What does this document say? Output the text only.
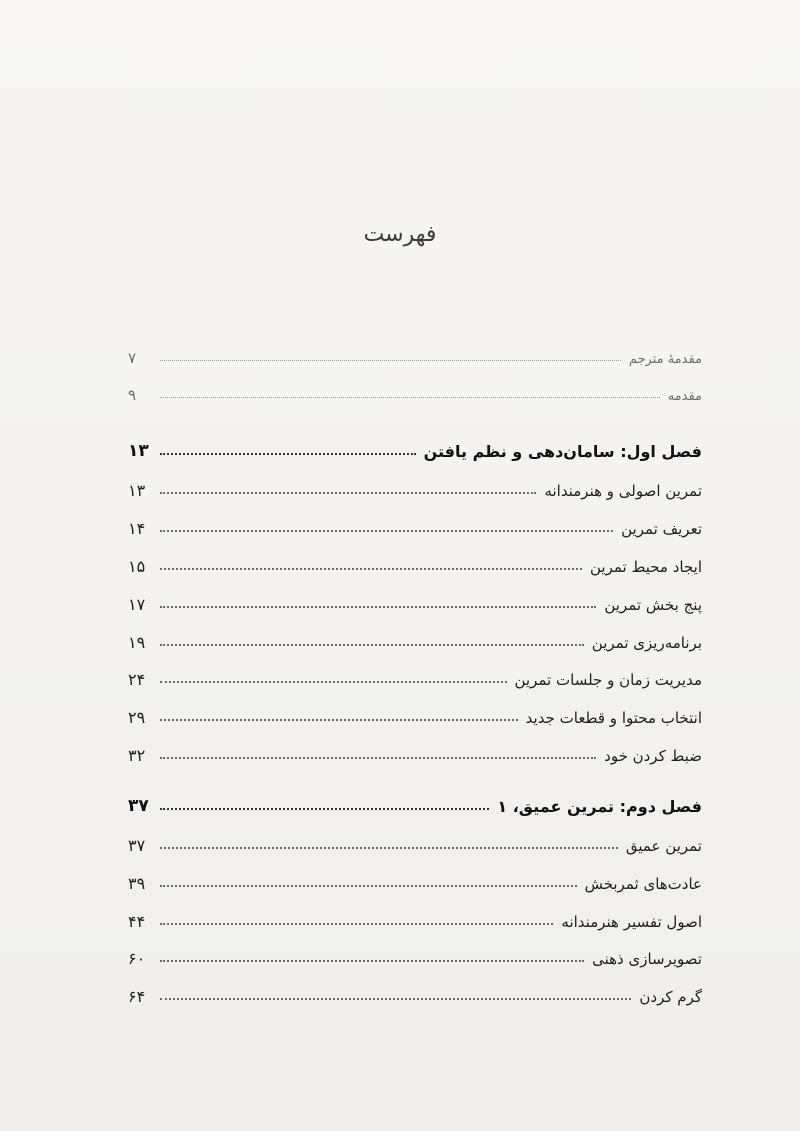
فهرست
مقدمهٔ مترجم
۷
مقدمه
۹
فصل اول: سامان‌دهی و نظم یافتن
۱۳
تمرین اصولی و هنرمندانه
۱۳
تعریف تمرین
۱۴
ایجاد محیط تمرین
۱۵
پنج بخش تمرین
۱۷
برنامه‌ریزی تمرین
۱۹
مدیریت زمان و جلسات تمرین
۲۴
انتخاب محتوا و قطعات جدید
۲۹
ضبط کردن خود
۳۲
فصل دوم: تمرین عمیق، ۱
۳۷
تمرین عمیق
۳۷
عادت‌های ثمربخش
۳۹
اصول تفسیر هنرمندانه
۴۴
تصویرسازی ذهنی
۶۰
گرم کردن
۶۴
